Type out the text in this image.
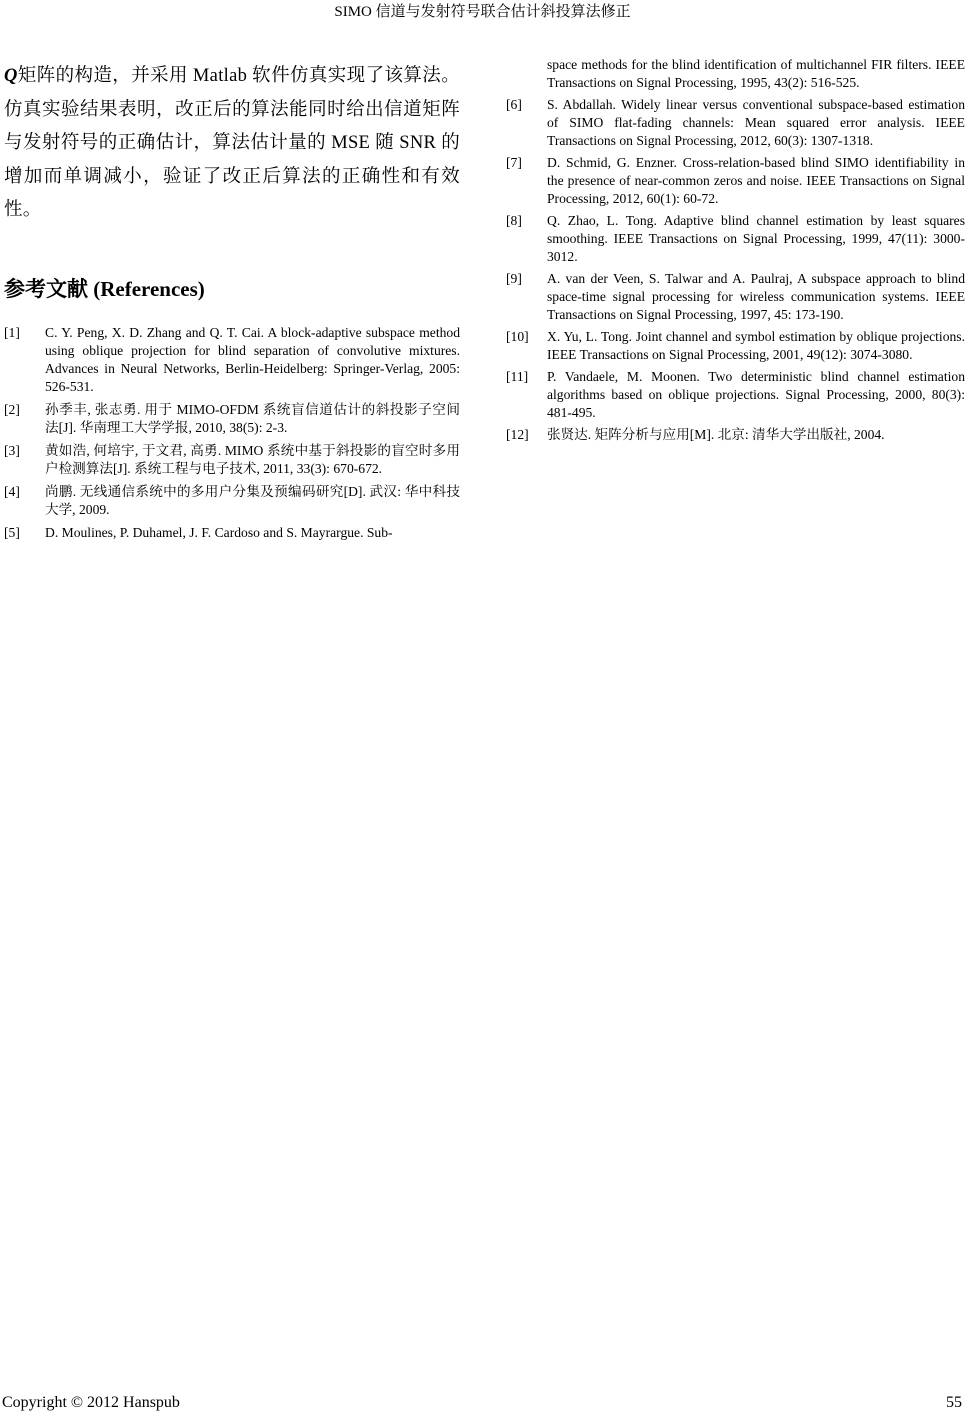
SIMO 信道与发射符号联合估计斜投算法修正

Q矩阵的构造，并采用 Matlab 软件仿真实现了该算法。仿真实验结果表明，改正后的算法能同时给出信道矩阵与发射符号的正确估计，算法估计量的 MSE 随 SNR 的增加而单调减小，验证了改正后算法的正确性和有效性。

参考文献 (References)
[1]	C. Y. Peng, X. D. Zhang and Q. T. Cai. A block-adaptive subspace method using oblique projection for blind separation of convolutive mixtures. Advances in Neural Networks, Berlin-Heidelberg: Springer-Verlag, 2005: 526-531.
[2]	孙季丰, 张志勇. 用于 MIMO-OFDM 系统盲信道估计的斜投影子空间法[J]. 华南理工大学学报, 2010, 38(5): 2-3.
[3]	黄如浩, 何培宇, 于文君, 高勇. MIMO 系统中基于斜投影的盲空时多用户检测算法[J]. 系统工程与电子技术, 2011, 33(3): 670-672.
[4]	尚鹏. 无线通信系统中的多用户分集及预编码研究[D]. 武汉: 华中科技大学, 2009.
[5]	D. Moulines, P. Duhamel, J. F. Cardoso and S. Mayrargue. Sub-
space methods for the blind identification of multichannel FIR filters. IEEE Transactions on Signal Processing, 1995, 43(2): 516-525.
[6]	S. Abdallah. Widely linear versus conventional subspace-based estimation of SIMO flat-fading channels: Mean squared error analysis. IEEE Transactions on Signal Processing, 2012, 60(3): 1307-1318.
[7]	D. Schmid, G. Enzner. Cross-relation-based blind SIMO identifiability in the presence of near-common zeros and noise. IEEE Transactions on Signal Processing, 2012, 60(1): 60-72.
[8]	Q. Zhao, L. Tong. Adaptive blind channel estimation by least squares smoothing. IEEE Transactions on Signal Processing, 1999, 47(11): 3000-3012.
[9]	A. van der Veen, S. Talwar and A. Paulraj, A subspace approach to blind space-time signal processing for wireless communication systems. IEEE Transactions on Signal Processing, 1997, 45: 173-190.
[10]	X. Yu, L. Tong. Joint channel and symbol estimation by oblique projections. IEEE Transactions on Signal Processing, 2001, 49(12): 3074-3080.
[11]	P. Vandaele, M. Moonen. Two deterministic blind channel estimation algorithms based on oblique projections. Signal Processing, 2000, 80(3): 481-495.
[12]	张贤达. 矩阵分析与应用[M]. 北京: 清华大学出版社, 2004.
Copyright © 2012 Hanspub	55
